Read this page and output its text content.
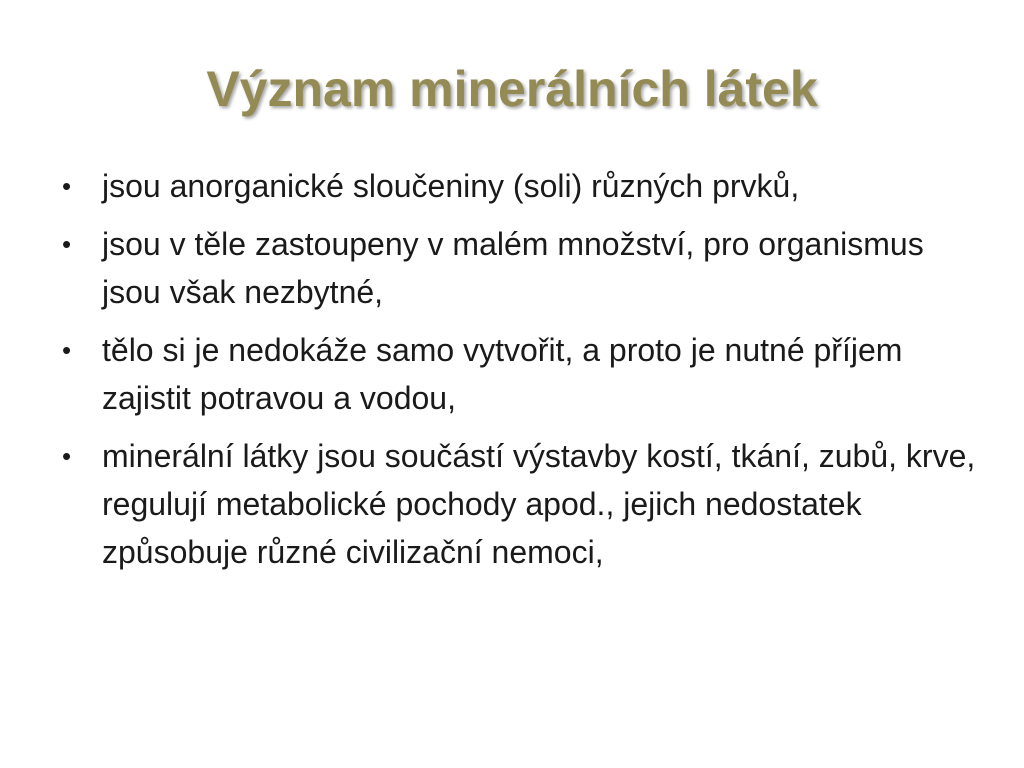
Význam minerálních látek
• jsou anorganické sloučeniny (soli) různých prvků,
• jsou v těle zastoupeny v malém množství, pro organismus jsou však nezbytné,
• tělo si je nedokáže samo vytvořit, a proto je nutné příjem zajistit potravou a vodou,
• minerální látky jsou součástí výstavby kostí, tkání, zubů, krve, regulují metabolické pochody apod., jejich nedostatek způsobuje různé civilizační nemoci,
